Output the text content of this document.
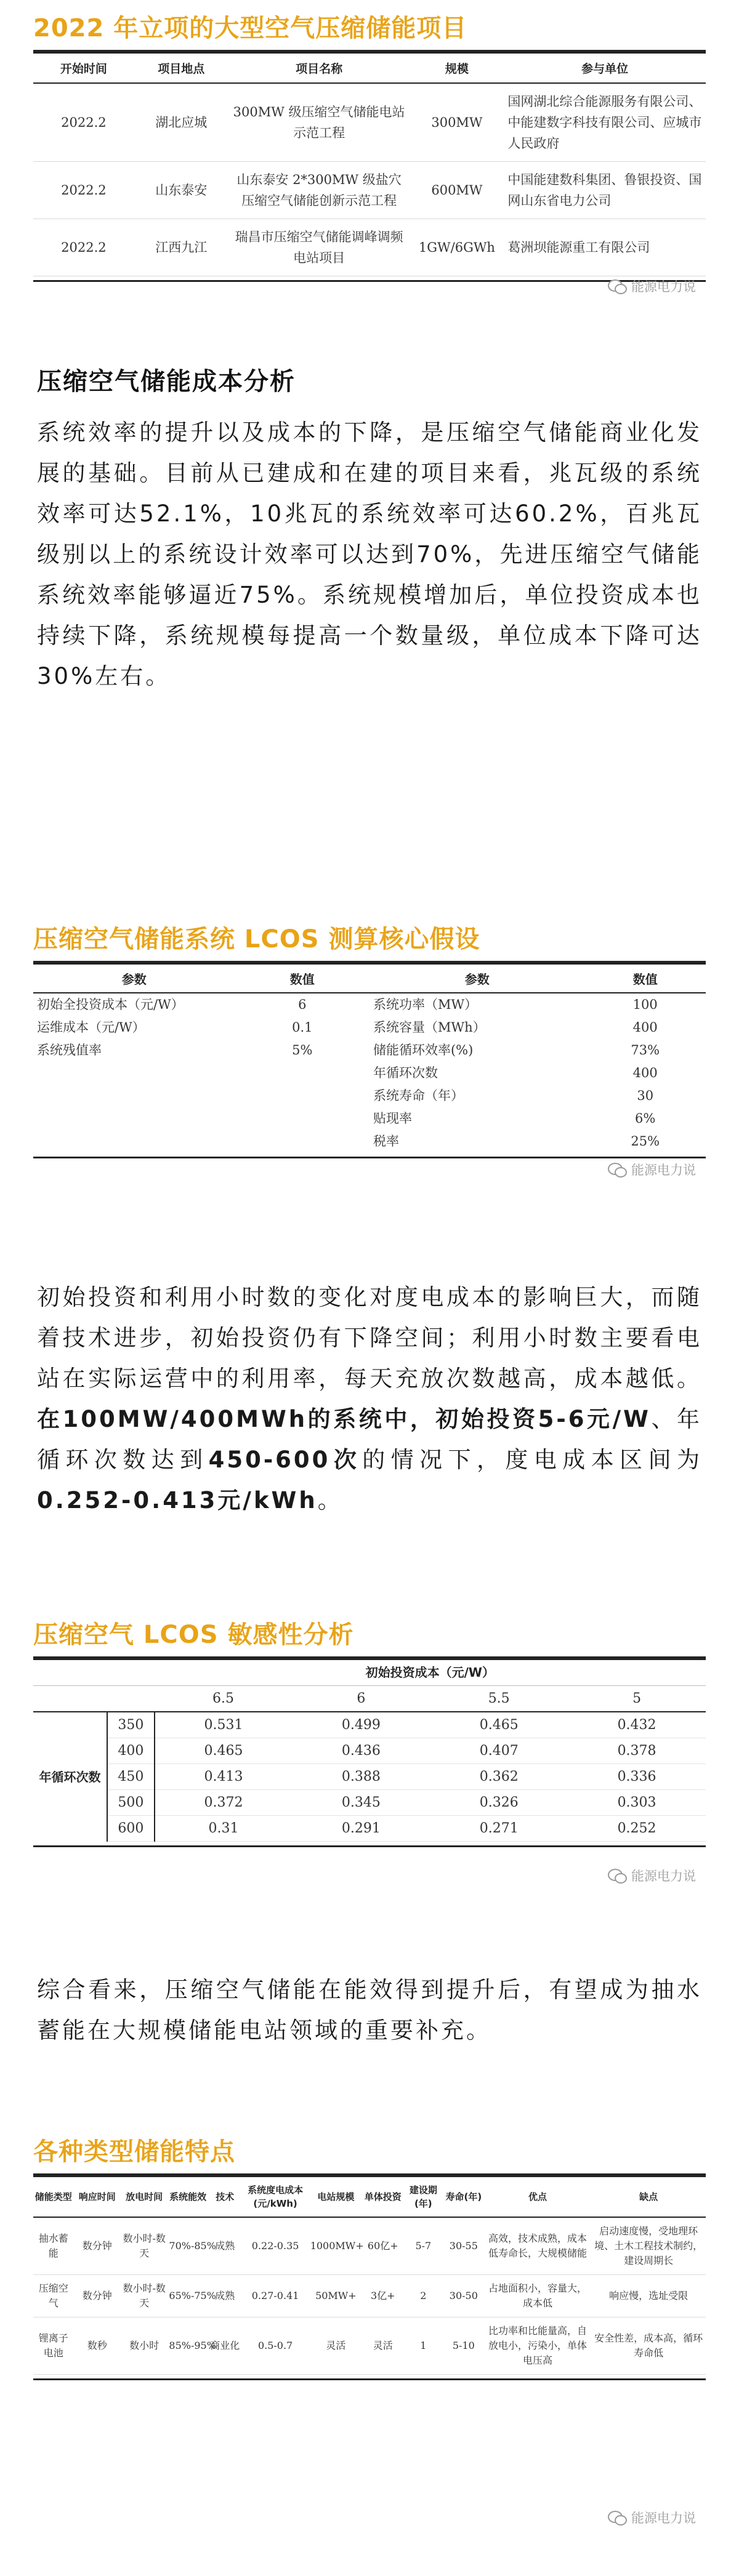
2022 年立项的大型空气压缩储能项目
开始时间	项目地点	项目名称	规模	参与单位
2022.2	湖北应城	300MW 级压缩空气储能电站示范工程	300MW	国网湖北综合能源服务有限公司、中能建数字科技有限公司、应城市人民政府
2022.2	山东泰安	山东泰安 2*300MW 级盐穴压缩空气储能创新示范工程	600MW	中国能建数科集团、鲁银投资、国网山东省电力公司
2022.2	江西九江	瑞昌市压缩空气储能调峰调频电站项目	1GW/6GWh	葛洲坝能源重工有限公司
能源电力说
压缩空气储能成本分析
系统效率的提升以及成本的下降，是压缩空气储能商业化发展的基础。目前从已建成和在建的项目来看，兆瓦级的系统效率可达52.1%，10兆瓦的系统效率可达60.2%，百兆瓦级别以上的系统设计效率可以达到70%，先进压缩空气储能系统效率能够逼近75%。系统规模增加后，单位投资成本也持续下降，系统规模每提高一个数量级，单位成本下降可达30%左右。
压缩空气储能系统 LCOS 测算核心假设
参数	数值	参数	数值
初始全投资成本（元/W）	6	系统功率（MW）	100
运维成本（元/W）	0.1	系统容量（MWh）	400
系统残值率	5%	储能循环效率(%)	73%
		年循环次数	400
		系统寿命（年）	30
		贴现率	6%
		税率	25%
能源电力说
初始投资和利用小时数的变化对度电成本的影响巨大，而随着技术进步，初始投资仍有下降空间；利用小时数主要看电站在实际运营中的利用率，每天充放次数越高，成本越低。在100MW/400MWh的系统中，初始投资5-6元/W、年循环次数达到450-600次的情况下，度电成本区间为0.252-0.413元/kWh。
压缩空气 LCOS 敏感性分析
		初始投资成本（元/W）			
		6.5	6	5.5	5
年循环次数	350	0.531	0.499	0.465	0.432
	400	0.465	0.436	0.407	0.378
	450	0.413	0.388	0.362	0.336
	500	0.372	0.345	0.326	0.303
	600	0.31	0.291	0.271	0.252
能源电力说
综合看来，压缩空气储能在能效得到提升后，有望成为抽水蓄能在大规模储能电站领域的重要补充。
各种类型储能特点
储能类型	响应时间	放电时间	系统能效	技术	系统度电成本(元/kWh)	电站规模	单体投资	建设期(年)	寿命(年)	优点	缺点
抽水蓄能	数分钟	数小时-数天	70%-85%	成熟	0.22-0.35	1000MW+	60亿+	5-7	30-55	高效，技术成熟，成本低寿命长，大规模储能	启动速度慢，受地理环境、土木工程技术制约，建设周期长
压缩空气	数分钟	数小时-数天	65%-75%	成熟	0.27-0.41	50MW+	3亿+	2	30-50	占地面积小，容量大，成本低	响应慢，选址受限
锂离子电池	数秒	数小时	85%-95%	商业化	0.5-0.7	灵活	灵活	1	5-10	比功率和比能量高，自放电小，污染小，单体电压高	安全性差，成本高，循环寿命低
能源电力说
